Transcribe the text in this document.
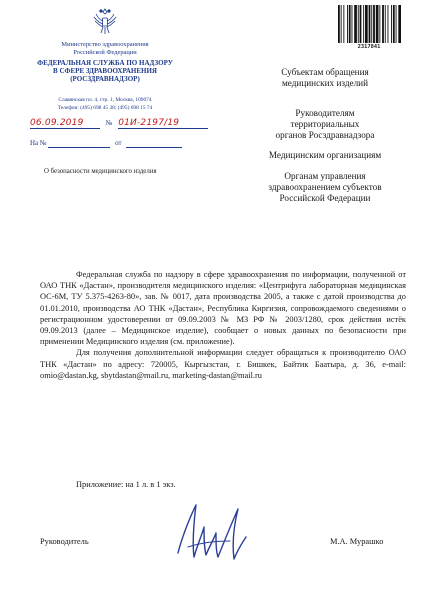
Министерство здравоохранения
Российской Федерации
ФЕДЕРАЛЬНАЯ СЛУЖБА ПО НАДЗОРУ
В СФЕРЕ ЗДРАВООХРАНЕНИЯ
(РОСЗДРАВНАДЗОР)
Славянская пл. 4, стр. 1, Москва, 109074
Телефон: (495) 698 45 38; (495) 698 15 74
06.09.2019	№ 01И-2197/19
На №	от
О безопасности медицинского изделия
2317841
Субъектам обращения
медицинских изделий
Руководителям
территориальных
органов Росздравнадзора
Медицинским организациям
Органам управления
здравоохранением субъектов
Российской Федерации

Федеральная служба по надзору в сфере здравоохранения по информации, полученной от ОАО ТНК «Дастан», производителя медицинского изделия: «Центрифуга лабораторная медицинская ОС-6М, ТУ 5.375-4263-80», зав. № 0017, дата производства 2005, а также с датой производства до 01.01.2010, производства АО ТНК «Дастан», Республика Киргизия, сопровождаемого сведениями о регистрационном удостоверении от 09.09.2003 № МЗ РФ № 2003/1280, срок действия истёк 09.09.2013 (далее – Медицинское изделие), сообщает о новых данных по безопасности при применении Медицинского изделия (см. приложение).

Для получения дополнительной информации следует обращаться к производителю ОАО ТНК «Дастан» по адресу: 720005, Кыргызстан, г. Бишкек, Байтик Баатыра, д. 36, e-mail: omio@dastan.kg, sbytdastan@mail.ru, marketing-dastan@mail.ru

Приложение: на 1 л. в 1 экз.
Руководитель	М.А. Мурашко
